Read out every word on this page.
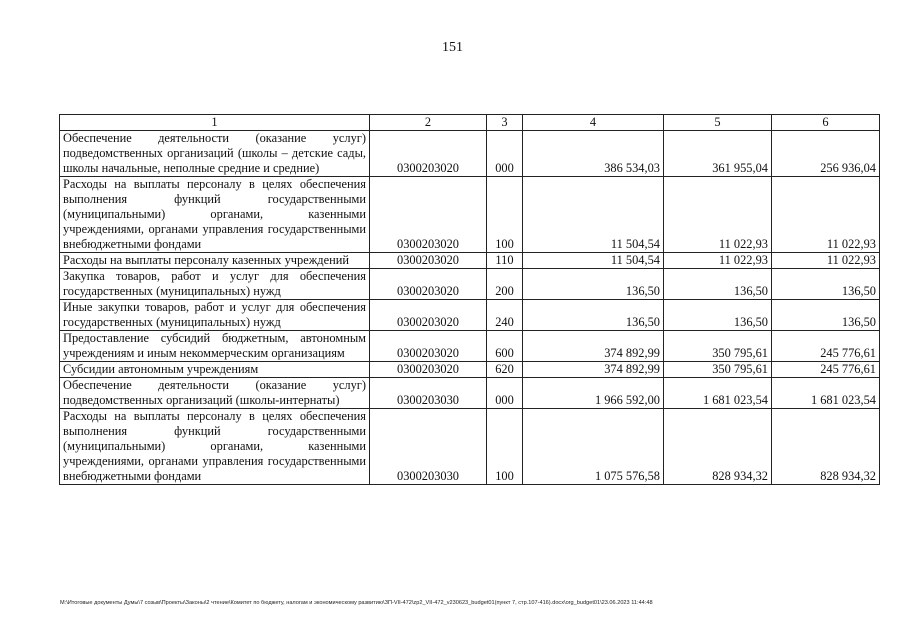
151
1	2	3	4	5	6
Обеспечение деятельности (оказание услуг) подведомственных организаций (школы – детские сады, школы начальные, неполные средние и средние)	0300203020	000	386 534,03	361 955,04	256 936,04
Расходы на выплаты персоналу в целях обеспечения выполнения функций государственными (муниципальными) органами, казенными учреждениями, органами управления государственными внебюджетными фондами	0300203020	100	11 504,54	11 022,93	11 022,93
Расходы на выплаты персоналу казенных учреждений	0300203020	110	11 504,54	11 022,93	11 022,93
Закупка товаров, работ и услуг для обеспечения государственных (муниципальных) нужд	0300203020	200	136,50	136,50	136,50
Иные закупки товаров, работ и услуг для обеспечения государственных (муниципальных) нужд	0300203020	240	136,50	136,50	136,50
Предоставление субсидий бюджетным, автономным учреждениям и иным некоммерческим организациям	0300203020	600	374 892,99	350 795,61	245 776,61
Субсидии автономным учреждениям	0300203020	620	374 892,99	350 795,61	245 776,61
Обеспечение деятельности (оказание услуг) подведомственных организаций (школы-интернаты)	0300203030	000	1 966 592,00	1 681 023,54	1 681 023,54
Расходы на выплаты персоналу в целях обеспечения выполнения функций государственными (муниципальными) органами, казенными учреждениями, органами управления государственными внебюджетными фондами	0300203030	100	1 075 576,58	828 934,32	828 934,32
M:\Итоговые документы Думы\7 созыв\Проекты\Законы\2 чтение\Комитет по бюджету, налогам и экономическому развитию\ЗП-VII-472\zp2_VII-472_v230623_budget01(пункт 7, стр.107-416).docx\org_budget01\23.06.2023 11:44:48
